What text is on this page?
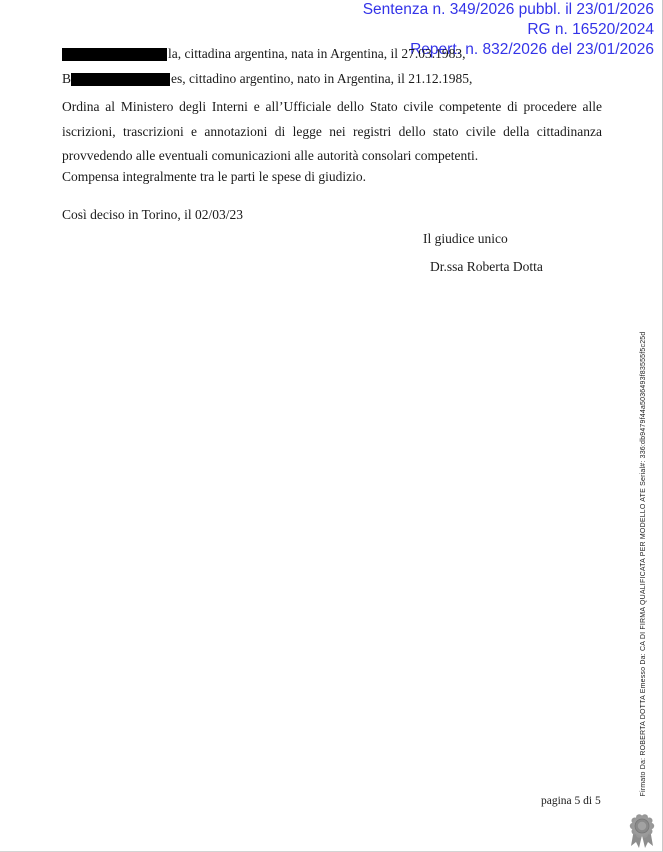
Sentenza n. 349/2026 pubbl. il 23/01/2026
RG n. 16520/2024
Repert. n. 832/2026 del 23/01/2026
la, cittadina argentina, nata in Argentina, il 27.03.1983,
B	es, cittadino argentino, nato in Argentina, il 21.12.1985,
Ordina al Ministero degli Interni e all’Ufficiale dello Stato civile competente di procedere alle
iscrizioni, trascrizioni e annotazioni di legge nei registri dello stato civile della cittadinanza
provvedendo alle eventuali comunicazioni alle autorità consolari competenti.
Compensa integralmente tra le parti le spese di giudizio.
Così deciso in Torino, il 02/03/23
Il giudice unico
Dr.ssa Roberta Dotta
Firmato Da: ROBERTA DOTTA Emesso Da: CA DI FIRMA QUALIFICATA PER MODELLO ATE Serial#: 336:db9479f44a5036493f83555f5c25d
pagina 5 di 5
